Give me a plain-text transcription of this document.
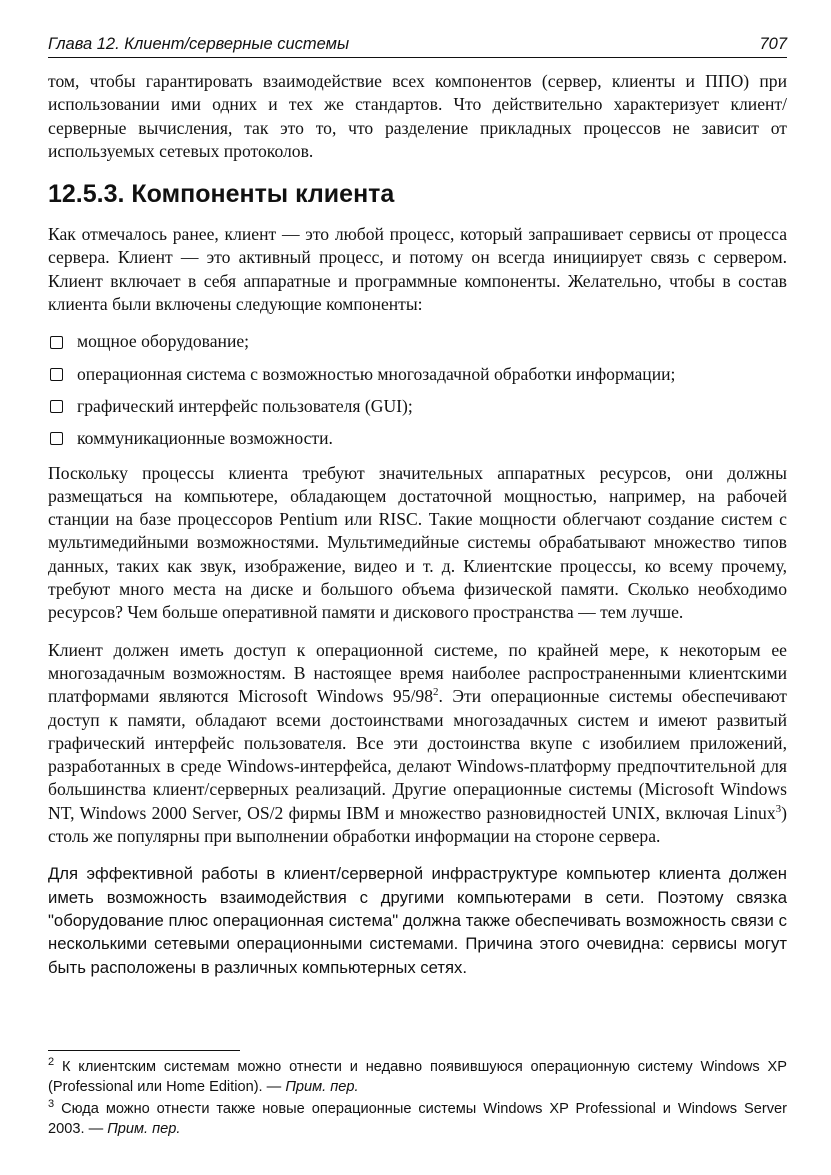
Глава 12. Клиент/серверные системы	707

том, чтобы гарантировать взаимодействие всех компонентов (сервер, клиенты и ППО) при использовании ими одних и тех же стандартов. Что действительно характеризует клиент/серверные вычисления, так это то, что разделение прикладных процессов не зависит от используемых сетевых протоколов.

12.5.3. Компоненты клиента

Как отмечалось ранее, клиент — это любой процесс, который запрашивает сервисы от процесса сервера. Клиент — это активный процесс, и потому он всегда инициирует связь с сервером. Клиент включает в себя аппаратные и программные компоненты. Желательно, чтобы в состав клиента были включены следующие компоненты:

мощное оборудование;
операционная система с возможностью многозадачной обработки информации;
графический интерфейс пользователя (GUI);
коммуникационные возможности.

Поскольку процессы клиента требуют значительных аппаратных ресурсов, они должны размещаться на компьютере, обладающем достаточной мощностью, например, на рабочей станции на базе процессоров Pentium или RISC. Такие мощности облегчают создание систем с мультимедийными возможностями. Мультимедийные системы обрабатывают множество типов данных, таких как звук, изображение, видео и т. д. Клиентские процессы, ко всему прочему, требуют много места на диске и большого объема физической памяти. Сколько необходимо ресурсов? Чем больше оперативной памяти и дискового пространства — тем лучше.

Клиент должен иметь доступ к операционной системе, по крайней мере, к некоторым ее многозадачным возможностям. В настоящее время наиболее распространенными клиентскими платформами являются Microsoft Windows $95/98^2$. Эти операционные системы обеспечивают доступ к памяти, обладают всеми достоинствами многозадачных систем и имеют развитый графический интерфейс пользователя. Все эти достоинства вкупе с изобилием приложений, разработанных в среде Windows-интерфейса, делают Windows-платформу предпочтительной для большинства клиент/серверных реализаций. Другие операционные системы (Microsoft Windows NT, Windows 2000 Server, OS/2 фирмы IBM и множество разновидностей UNIX, включая Linux$^3$) столь же популярны при выполнении обработки информации на стороне сервера.

Для эффективной работы в клиент/серверной инфраструктуре компьютер клиента должен иметь возможность взаимодействия с другими компьютерами в сети. Поэтому связка "оборудование плюс операционная система" должна также обеспечивать возможность связи с несколькими сетевыми операционными системами. Причина этого очевидна: сервисы могут быть расположены в различных компьютерных сетях.

$^2$ К клиентским системам можно отнести и недавно появившуюся операционную систему Windows XP (Professional или Home Edition). — Прим. пер.

$^3$ Сюда можно отнести также новые операционные системы Windows XP Professional и Windows Server 2003. — Прим. пер.
